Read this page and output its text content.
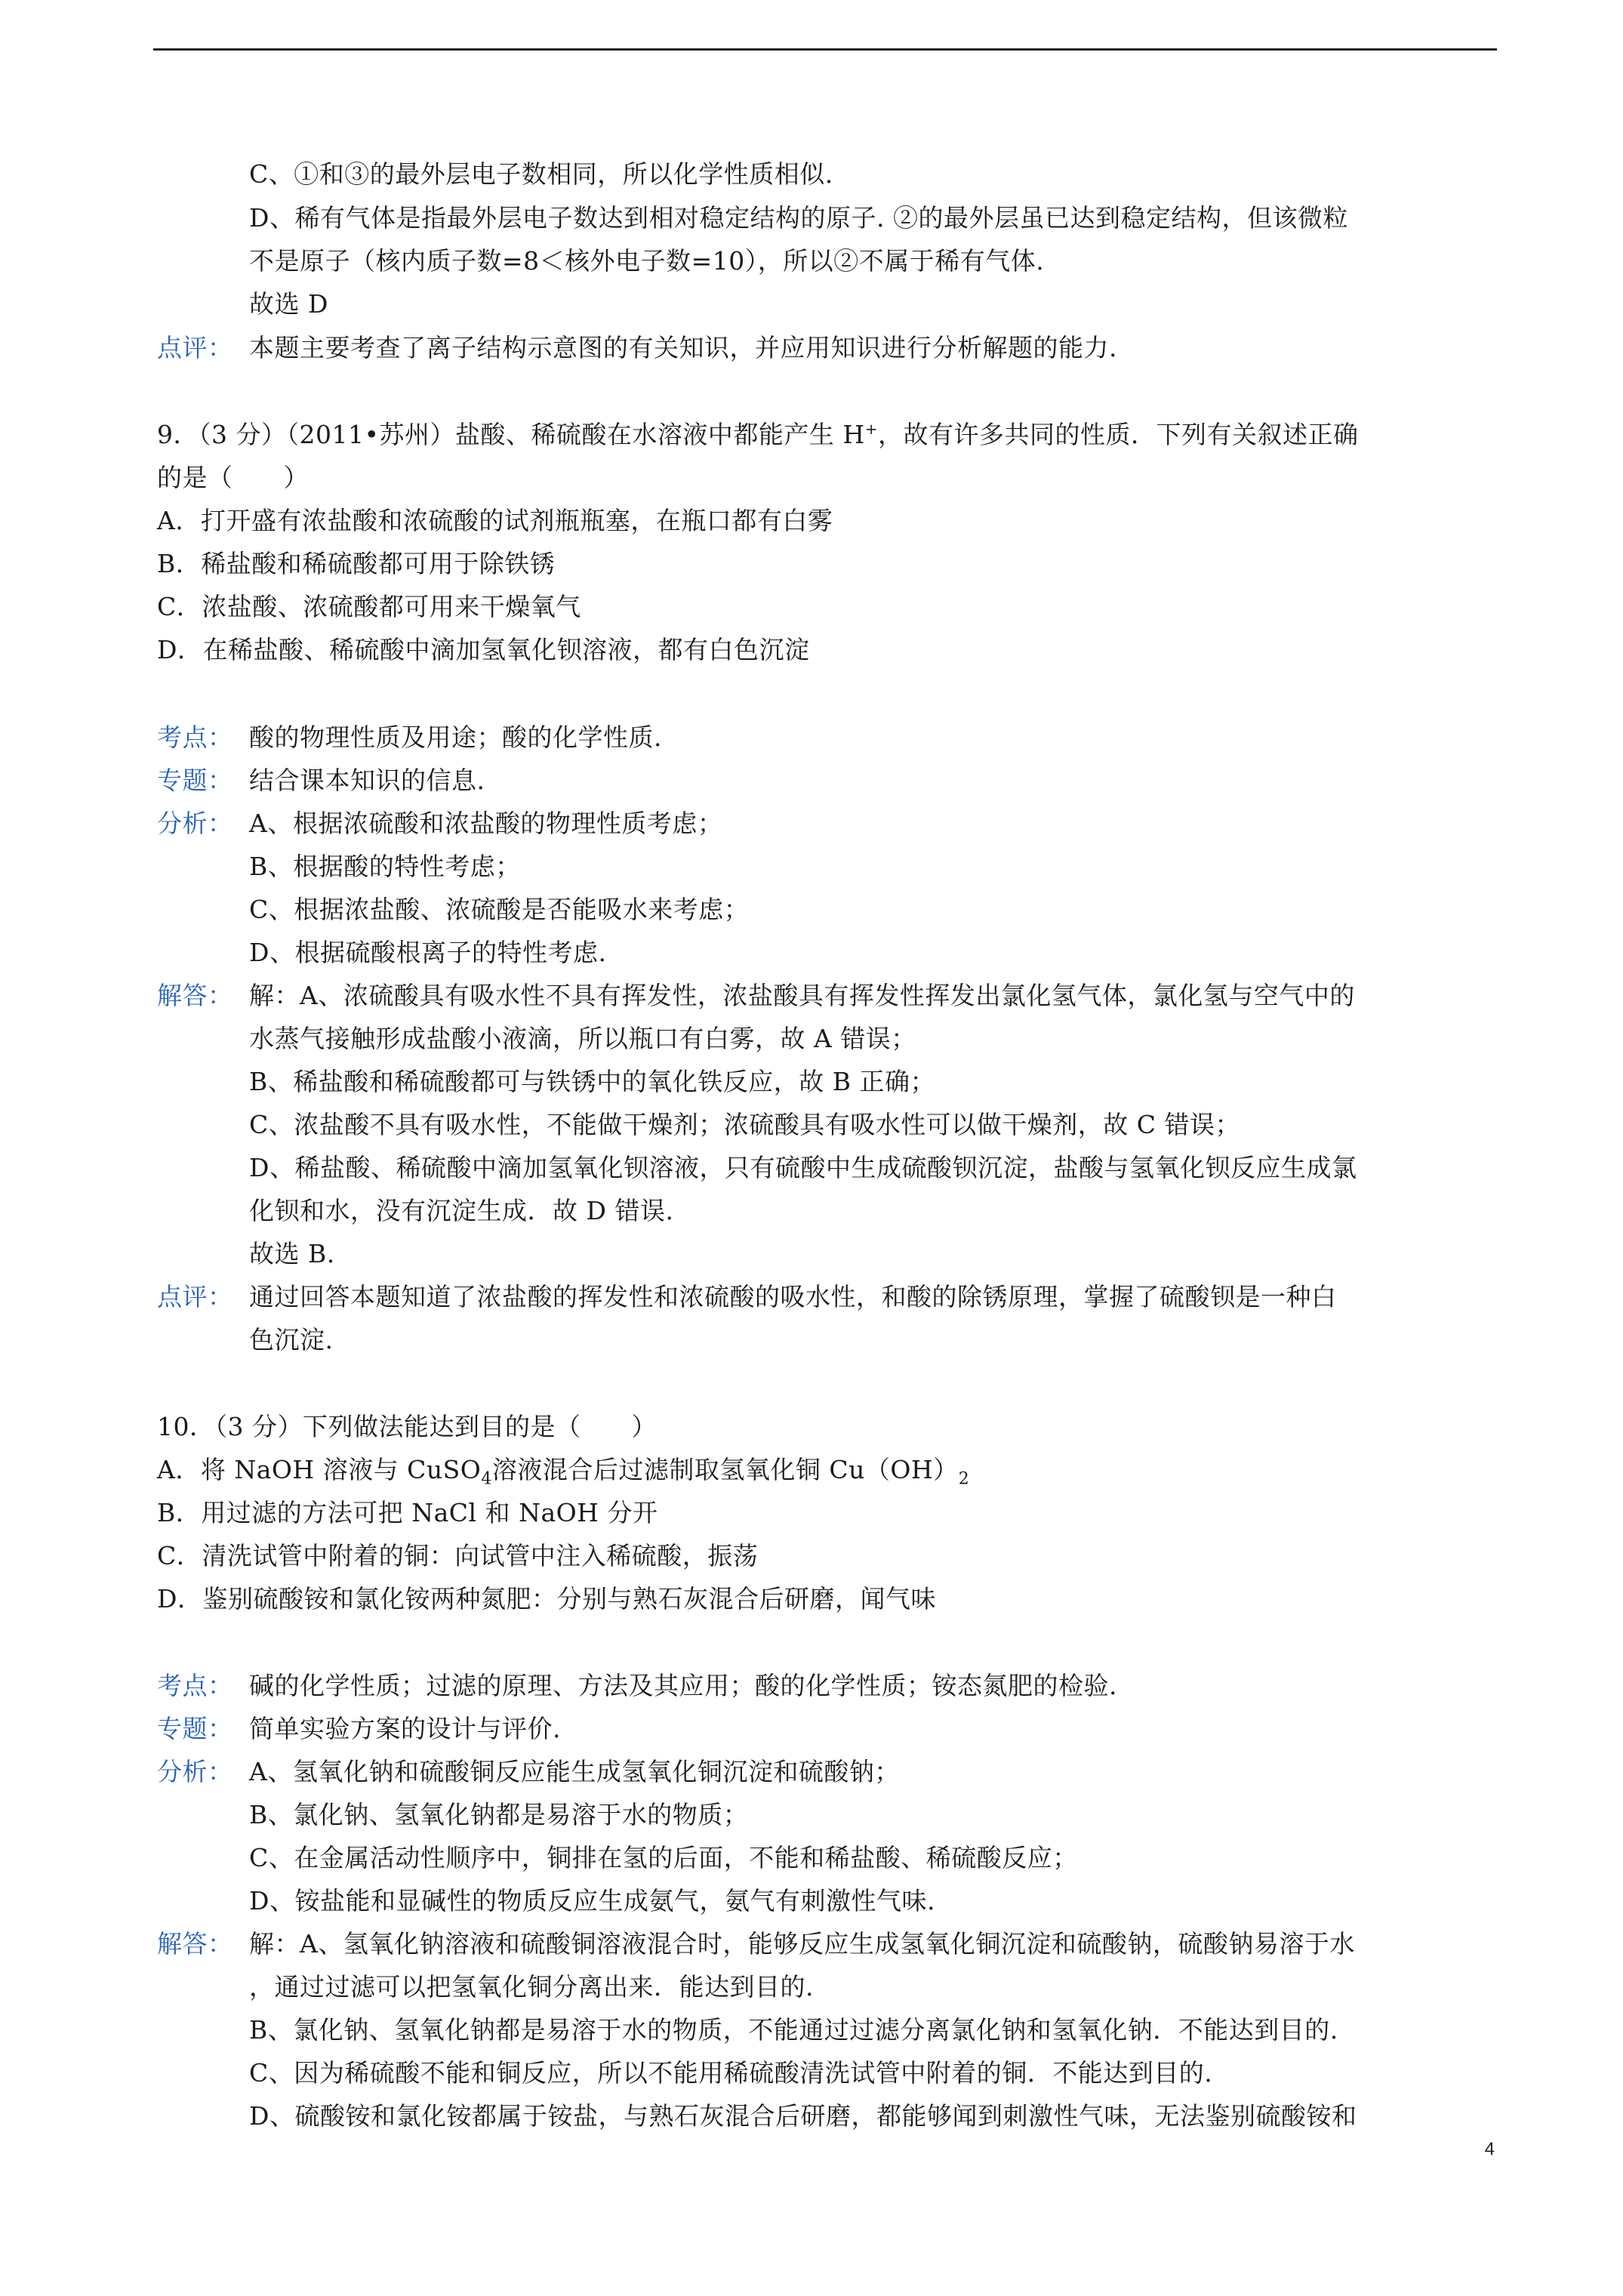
C、①和③的最外层电子数相同，所以化学性质相似.
D、稀有气体是指最外层电子数达到相对稳定结构的原子. ②的最外层虽已达到稳定结构，但该微粒
不是原子（核内质子数=8＜核外电子数=10），所以②不属于稀有气体.
故选 D
点评： 本题主要考查了离子结构示意图的有关知识，并应用知识进行分析解题的能力.
9．（3 分）（2011•苏州）盐酸、稀硫酸在水溶液中都能产生 H+，故有许多共同的性质．下列有关叙述正确
的是（　　）
A．打开盛有浓盐酸和浓硫酸的试剂瓶瓶塞，在瓶口都有白雾
B．稀盐酸和稀硫酸都可用于除铁锈
C．浓盐酸、浓硫酸都可用来干燥氧气
D．在稀盐酸、稀硫酸中滴加氢氧化钡溶液，都有白色沉淀
考点： 酸的物理性质及用途；酸的化学性质.
专题： 结合课本知识的信息.
分析： A、根据浓硫酸和浓盐酸的物理性质考虑；
B、根据酸的特性考虑；
C、根据浓盐酸、浓硫酸是否能吸水来考虑；
D、根据硫酸根离子的特性考虑.
解答： 解：A、浓硫酸具有吸水性不具有挥发性，浓盐酸具有挥发性挥发出氯化氢气体，氯化氢与空气中的
水蒸气接触形成盐酸小液滴，所以瓶口有白雾，故 A 错误；
B、稀盐酸和稀硫酸都可与铁锈中的氧化铁反应，故 B 正确；
C、浓盐酸不具有吸水性，不能做干燥剂；浓硫酸具有吸水性可以做干燥剂，故 C 错误；
D、稀盐酸、稀硫酸中滴加氢氧化钡溶液，只有硫酸中生成硫酸钡沉淀，盐酸与氢氧化钡反应生成氯
化钡和水，没有沉淀生成．故 D 错误.
故选 B.
点评： 通过回答本题知道了浓盐酸的挥发性和浓硫酸的吸水性，和酸的除锈原理，掌握了硫酸钡是一种白
色沉淀.
10．（3 分）下列做法能达到目的是（　　）
A．将 NaOH 溶液与 CuSO$_4$溶液混合后过滤制取氢氧化铜 $Cu(OH)_2$
B．用过滤的方法可把 NaCl 和 NaOH 分开
C．清洗试管中附着的铜：向试管中注入稀硫酸，振荡
D．鉴别硫酸铵和氯化铵两种氮肥：分别与熟石灰混合后研磨，闻气味
考点： 碱的化学性质；过滤的原理、方法及其应用；酸的化学性质；铵态氮肥的检验.
专题： 简单实验方案的设计与评价.
分析： A、氢氧化钠和硫酸铜反应能生成氢氧化铜沉淀和硫酸钠；
B、氯化钠、氢氧化钠都是易溶于水的物质；
C、在金属活动性顺序中，铜排在氢的后面，不能和稀盐酸、稀硫酸反应；
D、铵盐能和显碱性的物质反应生成氨气，氨气有刺激性气味.
解答： 解：A、氢氧化钠溶液和硫酸铜溶液混合时，能够反应生成氢氧化铜沉淀和硫酸钠，硫酸钠易溶于水
，通过过滤可以把氢氧化铜分离出来．能达到目的.
B、氯化钠、氢氧化钠都是易溶于水的物质，不能通过过滤分离氯化钠和氢氧化钠．不能达到目的.
C、因为稀硫酸不能和铜反应，所以不能用稀硫酸清洗试管中附着的铜．不能达到目的.
D、硫酸铵和氯化铵都属于铵盐，与熟石灰混合后研磨，都能够闻到刺激性气味，无法鉴别硫酸铵和
4
